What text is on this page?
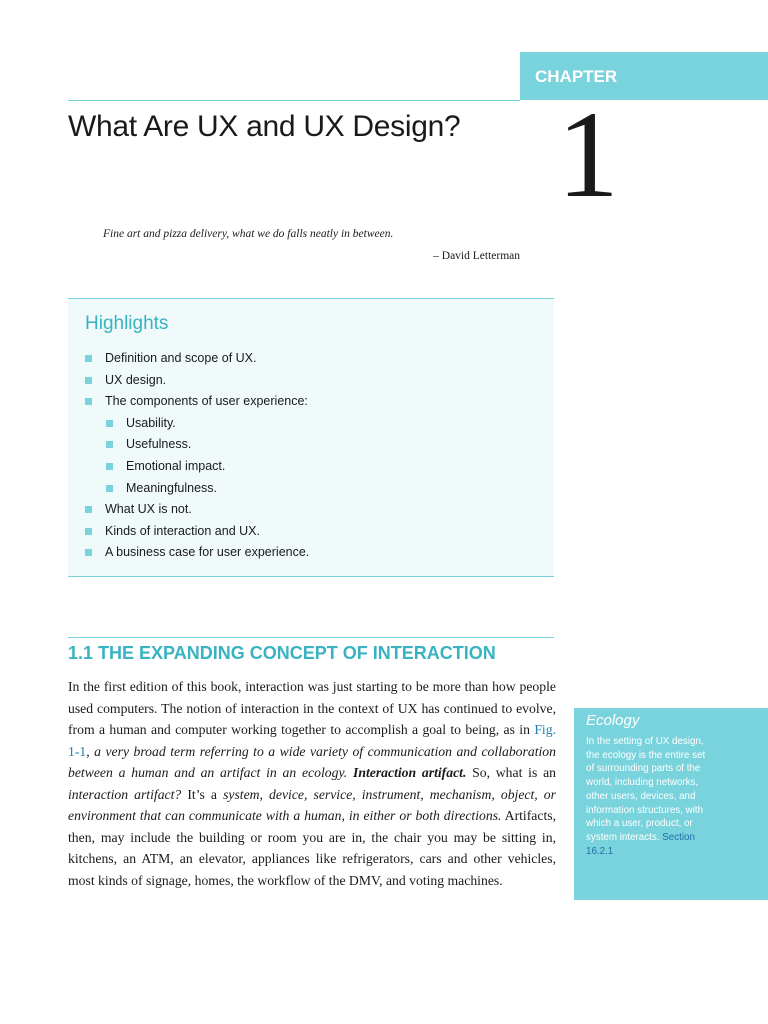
CHAPTER
What Are UX and UX Design? 1
Fine art and pizza delivery, what we do falls neatly in between.
– David Letterman
Highlights
Definition and scope of UX.
UX design.
The components of user experience:
Usability.
Usefulness.
Emotional impact.
Meaningfulness.
What UX is not.
Kinds of interaction and UX.
A business case for user experience.
1.1 THE EXPANDING CONCEPT OF INTERACTION

In the first edition of this book, interaction was just starting to be more than how people used computers. The notion of interaction in the context of UX has continued to evolve, from a human and computer working together to accomplish a goal to being, as in Fig. 1-1, a very broad term referring to a wide variety of communication and collaboration between a human and an artifact in an ecology. Interaction artifact. So, what is an interaction artifact? It’s a system, device, service, instrument, mechanism, object, or environment that can communicate with a human, in either or both directions. Artifacts, then, may include the building or room you are in, the chair you may be sitting in, kitchens, an ATM, an elevator, appliances like refrigerators, cars and other vehicles, most kinds of signage, homes, the workflow of the DMV, and voting machines.

Ecology
In the setting of UX design, the ecology is the entire set of surrounding parts of the world, including networks, other users, devices, and information structures, with which a user, product, or system interacts. Section 16.2.1
